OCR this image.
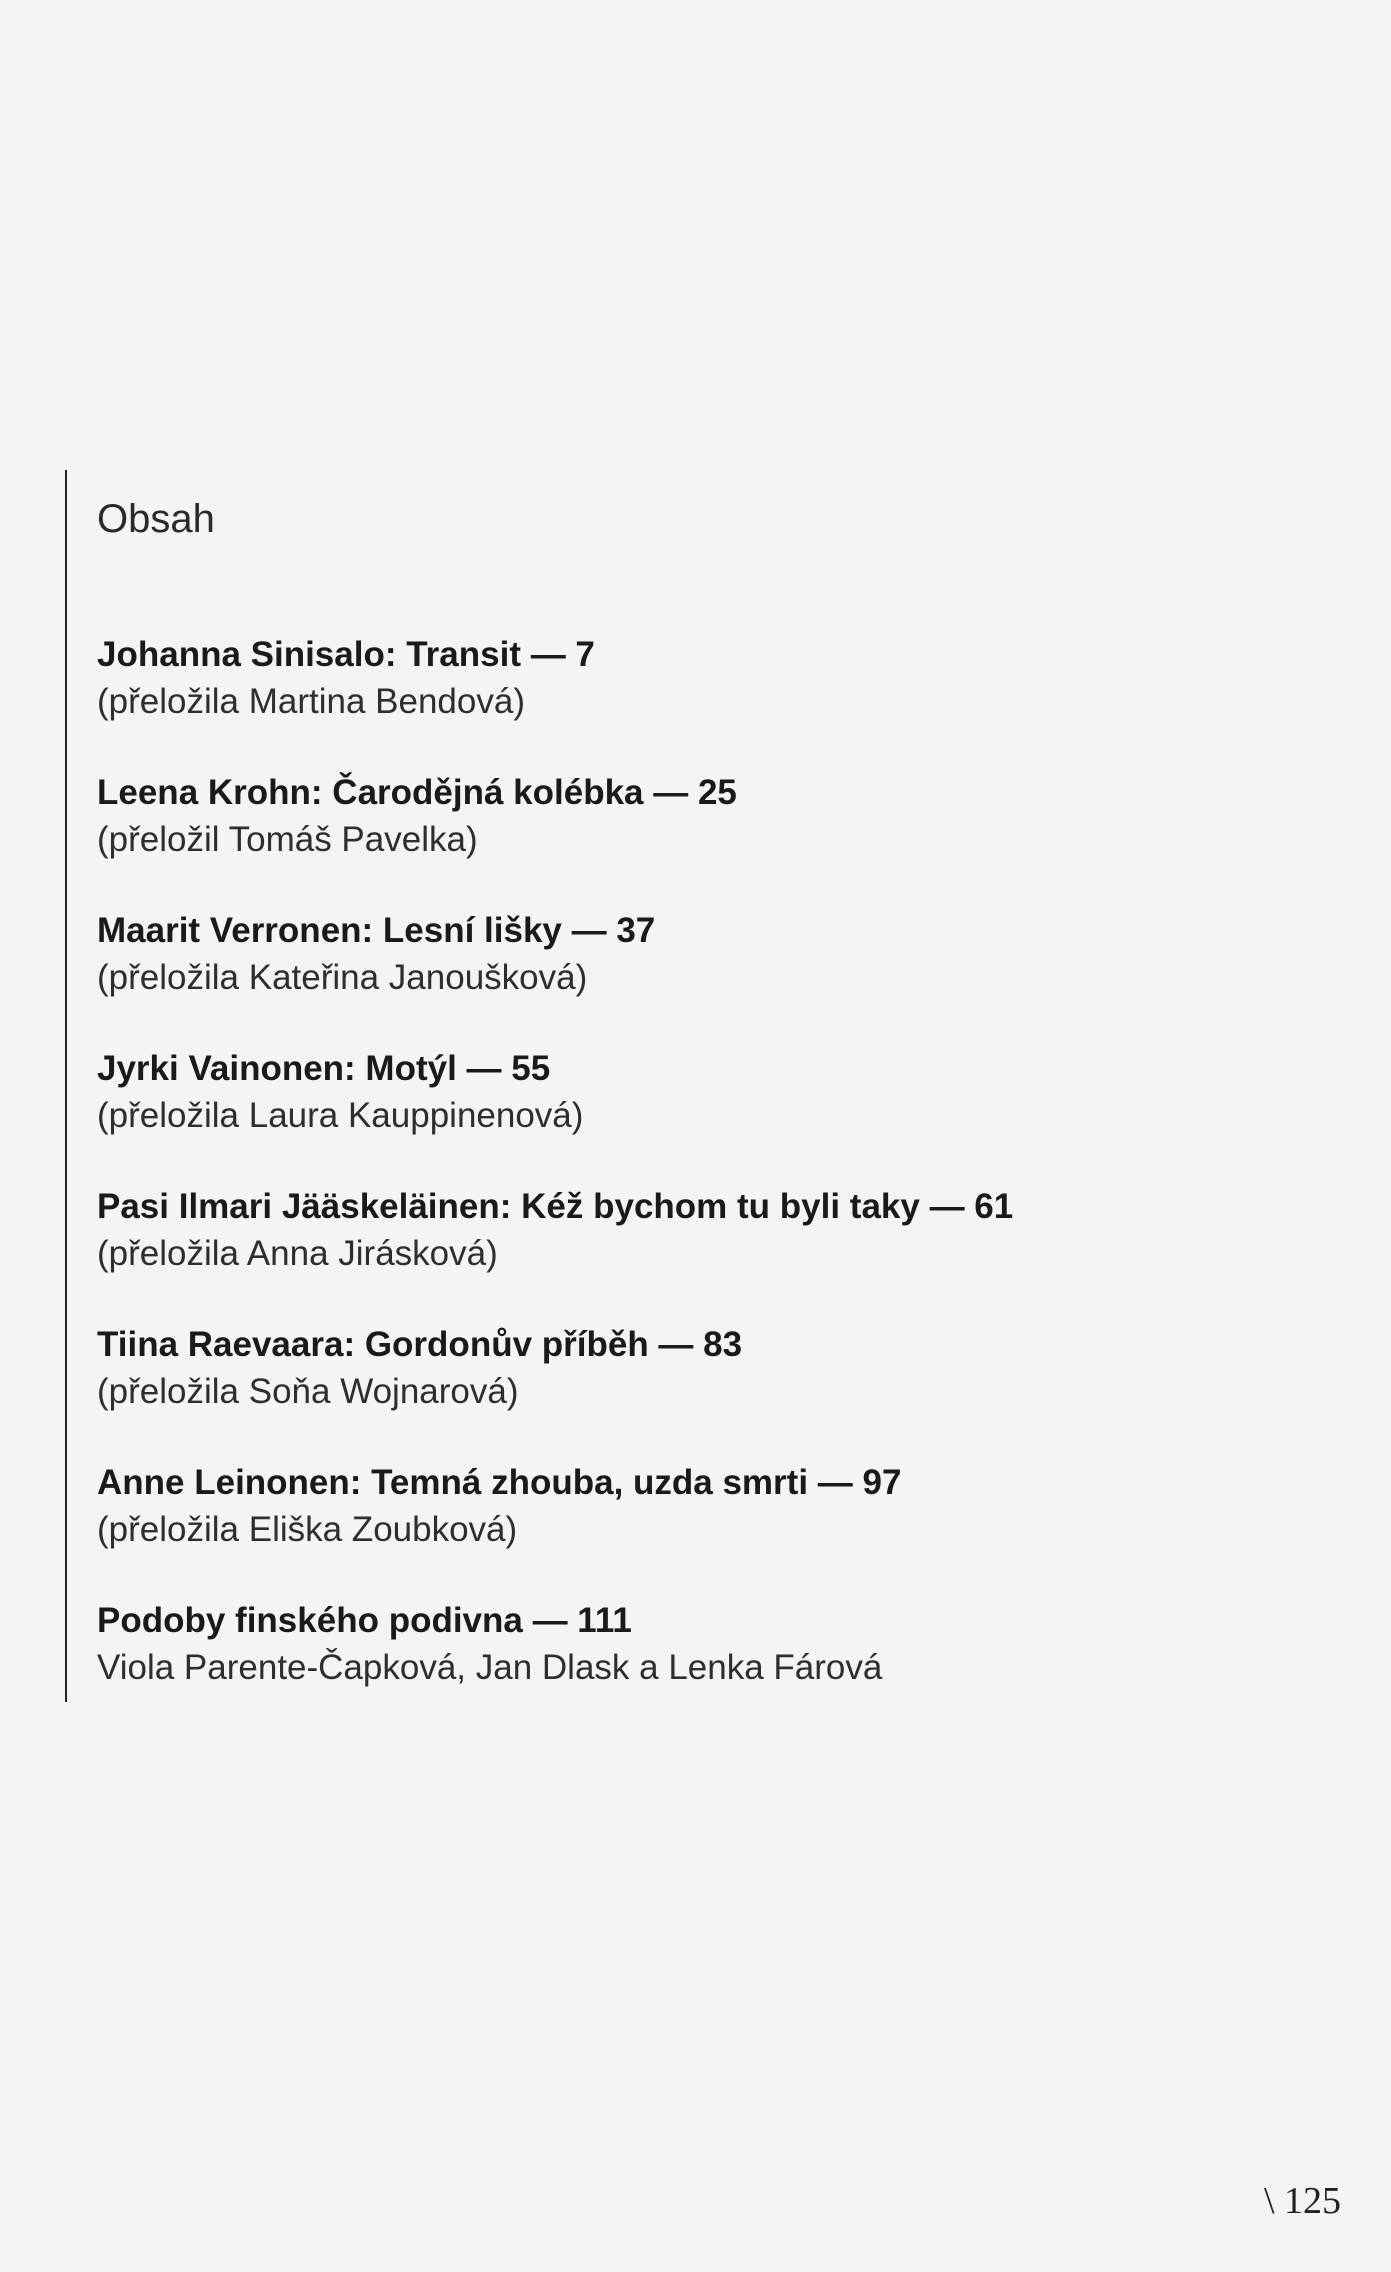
Obsah
Johanna Sinisalo: Transit — 7
(přeložila Martina Bendová)
Leena Krohn: Čarodějná kolébka — 25
(přeložil Tomáš Pavelka)
Maarit Verronen: Lesní lišky — 37
(přeložila Kateřina Janoušková)
Jyrki Vainonen: Motýl — 55
(přeložila Laura Kauppinenová)
Pasi Ilmari Jääskeläinen: Kéž bychom tu byli taky — 61
(přeložila Anna Jirásková)
Tiina Raevaara: Gordonův příběh — 83
(přeložila Soňa Wojnarová)
Anne Leinonen: Temná zhouba, uzda smrti — 97
(přeložila Eliška Zoubková)
Podoby finského podivna — 111
Viola Parente-Čapková, Jan Dlask a Lenka Fárová
\ 125
